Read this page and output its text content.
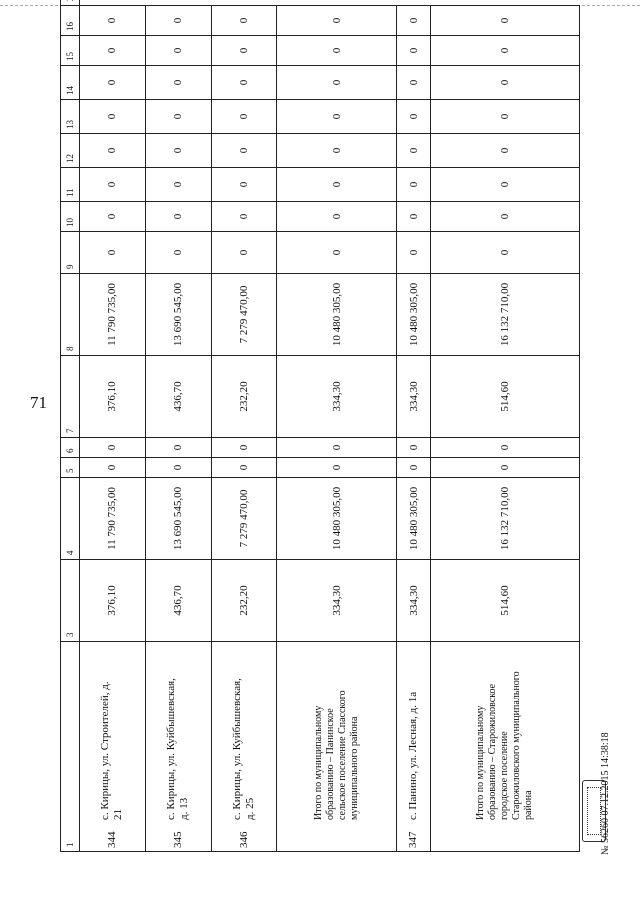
71
1	3	4	5	6	7	8	9	10	11	12	13	14	15	16	
344с. Кирицы, ул. Строителей, д. 21	376,10	11 790 735,00	0	0	376,10	11 790 735,00	0	0	0	0	0	0	0	0	
345с. Кирицы, ул. Куйбышевская, д. 13	436,70	13 690 545,00	0	0	436,70	13 690 545,00	0	0	0	0	0	0	0	0	
346с. Кирицы, ул. Куйбышевская, д. 25	232,20	7 279 470,00	0	0	232,20	7 279 470,00	0	0	0	0	0	0	0	0	
Итого по муниципальному образованию – Панинское сельское поселение Спасского муниципального района	334,30	10 480 305,00	0	0	334,30	10 480 305,00	0	0	0	0	0	0	0	0	
347с. Панино, ул. Лесная, д. 1а	334,30	10 480 305,00	0	0	334,30	10 480 305,00	0	0	0	0	0	0	0	0	
Итого по муниципальному образованию – Старожиловское городское поселение Старожиловского муниципального района	514,60	16 132 710,00	0	0	514,60	16 132 710,00	0	0	0	0	0	0	0	0	
№ 56260 07.12.2015 14:38:18
